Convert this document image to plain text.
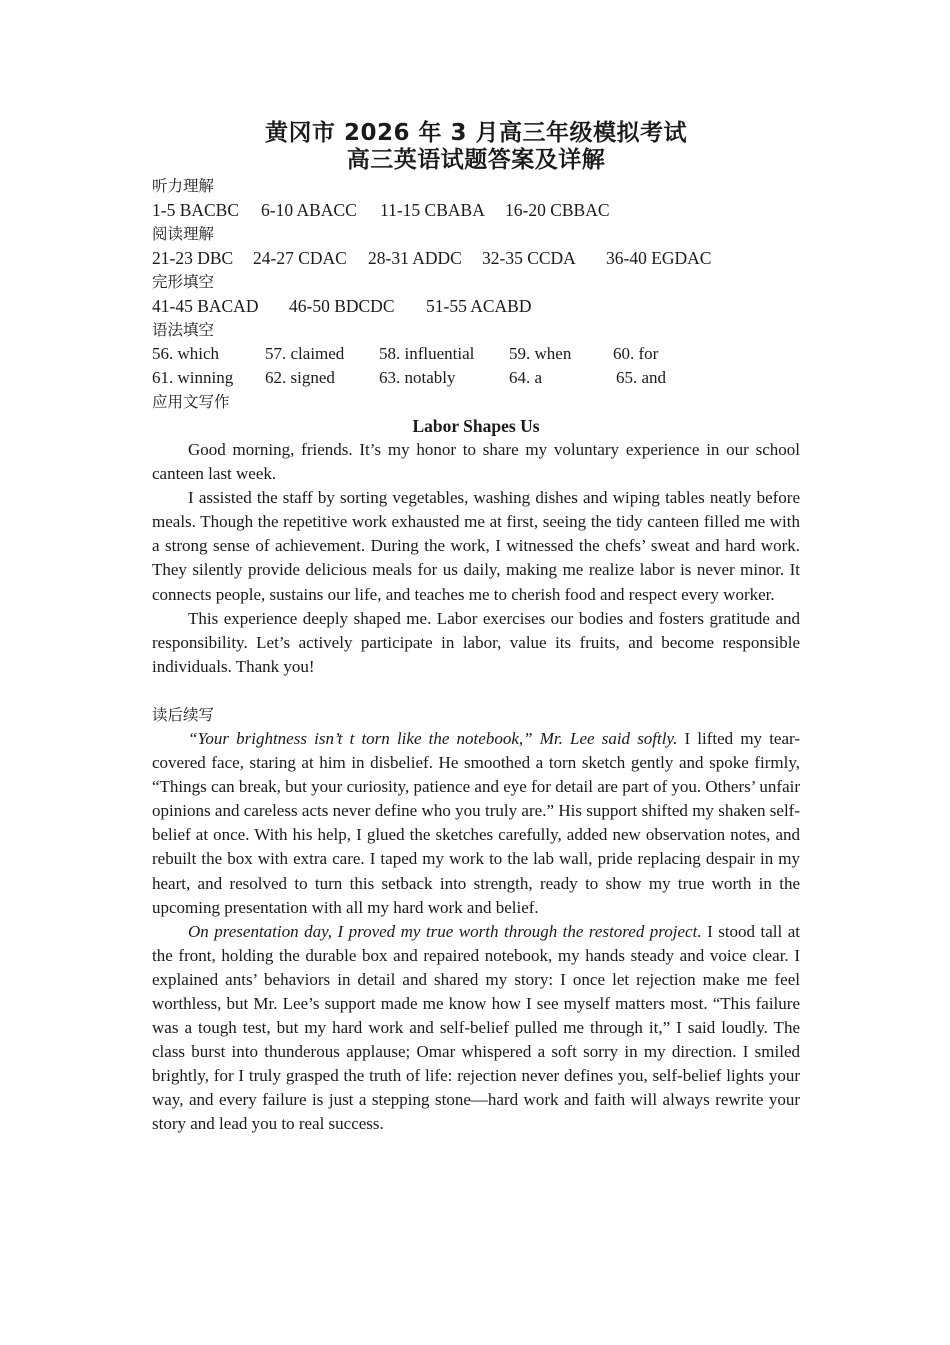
黄冈市 2026 年 3 月高三年级模拟考试
高三英语试题答案及详解
听力理解
1-5 BACBC	6-10 ABACC	11-15 CBABA	16-20 CBBAC
阅读理解
21-23 DBC	24-27 CDAC	28-31 ADDC	32-35 CCDA	36-40 EGDAC
完形填空
41-45 BACAD	46-50 BDCDC	51-55 ACABD
语法填空
56. which	57. claimed 58. influential 59. when 60. for
61. winning 62. signed	63. notably	64. a	65. and
应用文写作
Labor Shapes Us

Good morning, friends. It’s my honor to share my voluntary experience in our school canteen last week.

I assisted the staff by sorting vegetables, washing dishes and wiping tables neatly before meals. Though the repetitive work exhausted me at first, seeing the tidy canteen filled me with a strong sense of achievement. During the work, I witnessed the chefs’ sweat and hard work. They silently provide delicious meals for us daily, making me realize labor is never minor. It connects people, sustains our life, and teaches me to cherish food and respect every worker.

This experience deeply shaped me. Labor exercises our bodies and fosters gratitude and responsibility. Let’s actively participate in labor, value its fruits, and become responsible individuals. Thank you!

读后续写

“Your brightness isn’t t torn like the notebook,” Mr. Lee said softly. I lifted my tear-covered face, staring at him in disbelief. He smoothed a torn sketch gently and spoke firmly, “Things can break, but your curiosity, patience and eye for detail are part of you. Others’ unfair opinions and careless acts never define who you truly are.” His support shifted my shaken self-belief at once. With his help, I glued the sketches carefully, added new observation notes, and rebuilt the box with extra care. I taped my work to the lab wall, pride replacing despair in my heart, and resolved to turn this setback into strength, ready to show my true worth in the upcoming presentation with all my hard work and belief.

On presentation day, I proved my true worth through the restored project. I stood tall at the front, holding the durable box and repaired notebook, my hands steady and voice clear. I explained ants’ behaviors in detail and shared my story: I once let rejection make me feel worthless, but Mr. Lee’s support made me know how I see myself matters most. “This failure was a tough test, but my hard work and self-belief pulled me through it,” I said loudly. The class burst into thunderous applause; Omar whispered a soft sorry in my direction. I smiled brightly, for I truly grasped the truth of life: rejection never defines you, self-belief lights your way, and every failure is just a stepping stone—hard work and faith will always rewrite your story and lead you to real success.
